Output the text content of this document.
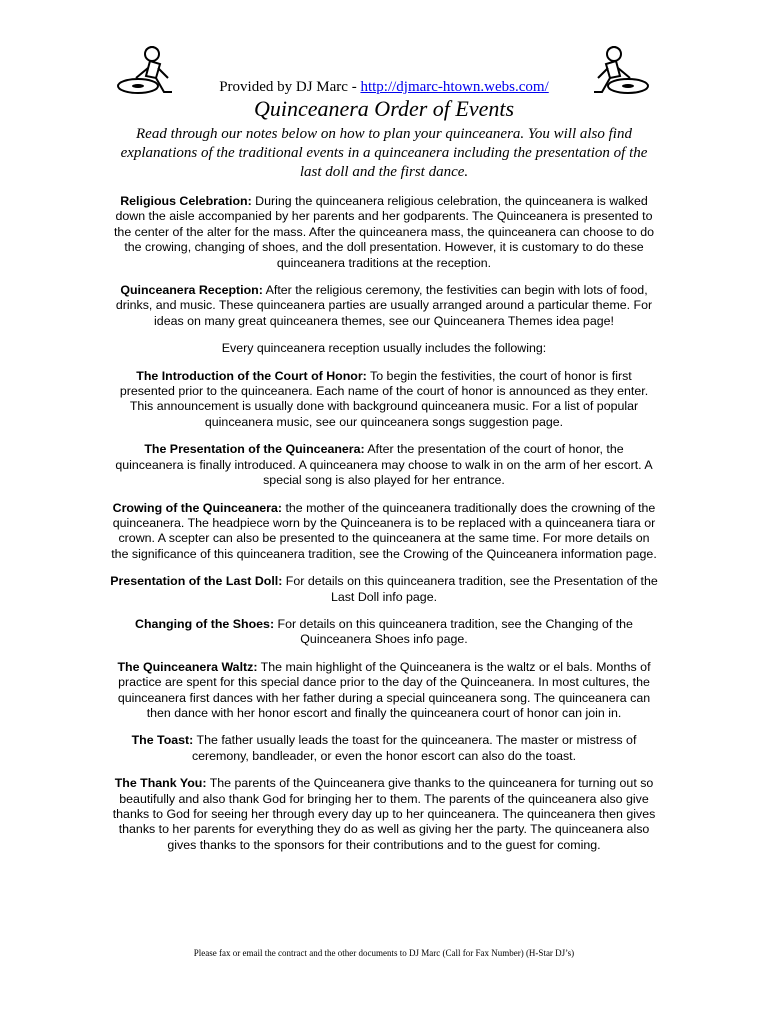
Provided by DJ Marc - http://djmarc-htown.webs.com/
Quinceanera Order of Events
Read through our notes below on how to plan your quinceanera. You will also find explanations of the traditional events in a quinceanera including the presentation of the last doll and the first dance.

Religious Celebration: During the quinceanera religious celebration, the quinceanera is walked down the aisle accompanied by her parents and her godparents. The Quinceanera is presented to the center of the alter for the mass. After the quinceanera mass, the quinceanera can choose to do the crowing, changing of shoes, and the doll presentation. However, it is customary to do these quinceanera traditions at the reception.

Quinceanera Reception: After the religious ceremony, the festivities can begin with lots of food, drinks, and music. These quinceanera parties are usually arranged around a particular theme. For ideas on many great quinceanera themes, see our Quinceanera Themes idea page!

Every quinceanera reception usually includes the following:

The Introduction of the Court of Honor: To begin the festivities, the court of honor is first presented prior to the quinceanera. Each name of the court of honor is announced as they enter. This announcement is usually done with background quinceanera music. For a list of popular quinceanera music, see our quinceanera songs suggestion page.

The Presentation of the Quinceanera: After the presentation of the court of honor, the quinceanera is finally introduced. A quinceanera may choose to walk in on the arm of her escort. A special song is also played for her entrance.

Crowing of the Quinceanera: the mother of the quinceanera traditionally does the crowning of the quinceanera. The headpiece worn by the Quinceanera is to be replaced with a quinceanera tiara or crown. A scepter can also be presented to the quinceanera at the same time. For more details on the significance of this quinceanera tradition, see the Crowing of the Quinceanera information page.

Presentation of the Last Doll: For details on this quinceanera tradition, see the Presentation of the Last Doll info page.

Changing of the Shoes: For details on this quinceanera tradition, see the Changing of the Quinceanera Shoes info page.

The Quinceanera Waltz: The main highlight of the Quinceanera is the waltz or el bals. Months of practice are spent for this special dance prior to the day of the Quinceanera. In most cultures, the quinceanera first dances with her father during a special quinceanera song. The quinceanera can then dance with her honor escort and finally the quinceanera court of honor can join in.

The Toast: The father usually leads the toast for the quinceanera. The master or mistress of ceremony, bandleader, or even the honor escort can also do the toast.

The Thank You: The parents of the Quinceanera give thanks to the quinceanera for turning out so beautifully and also thank God for bringing her to them. The parents of the quinceanera also give thanks to God for seeing her through every day up to her quinceanera. The quinceanera then gives thanks to her parents for everything they do as well as giving her the party. The quinceanera also gives thanks to the sponsors for their contributions and to the guest for coming.

Please fax or email the contract and the other documents to DJ Marc (Call for Fax Number) (H-Star DJ’s)
